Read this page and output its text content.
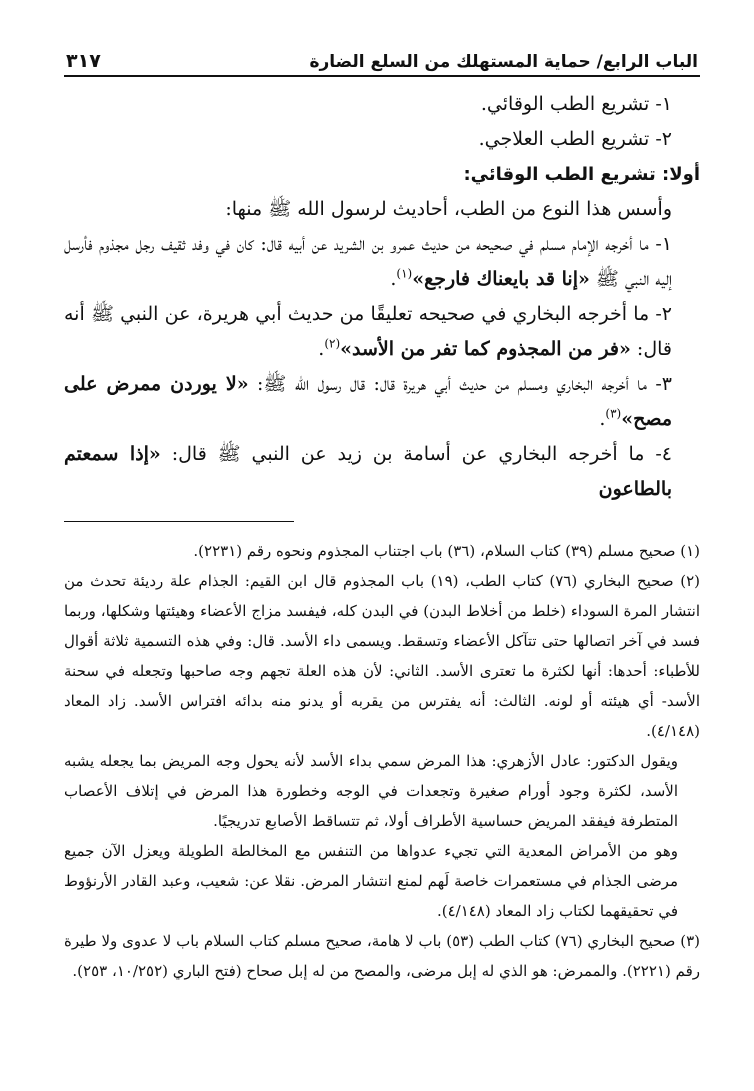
الباب الرابع/ حماية المستهلك من السلع الضارة
٣١٧

١- تشريع الطب الوقائي.

٢- تشريع الطب العلاجي.

أولا: تشريع الطب الوقائي:

وأسس هذا النوع من الطب، أحاديث لرسول الله ﷺ منها:

١- ما أخرجه الإمام مسلم في صحيحه من حديث عمرو بن الشريد عن أبيه قال: كان في وفد ثقيف رجل مجذوم فأرسل إليه النبي ﷺ «إنا قد بايعناك فارجع»$^{(١)}$.

٢- ما أخرجه البخاري في صحيحه تعليقًا من حديث أبي هريرة، عن النبي ﷺ أنه قال: «فر من المجذوم كما تفر من الأسد»$^{(٢)}$.

٣- ما أخرجه البخاري ومسلم من حديث أبي هريرة قال: قال رسول الله ﷺ: «لا يوردن ممرض على مصح»$^{(٣)}$.

٤- ما أخرجه البخاري عن أسامة بن زيد عن النبي ﷺ قال: «إذا سمعتم بالطاعون

(١) صحيح مسلم (٣٩) كتاب السلام، (٣٦) باب اجتناب المجذوم ونحوه رقم (٢٢٣١).

(٢) صحيح البخاري (٧٦) كتاب الطب، (١٩) باب المجذوم قال ابن القيم: الجذام علة رديئة تحدث من انتشار المرة السوداء (خلط من أخلاط البدن) في البدن كله، فيفسد مزاج الأعضاء وهيئتها وشكلها، وربما فسد في آخر اتصالها حتى تتآكل الأعضاء وتسقط. ويسمى داء الأسد. قال: وفي هذه التسمية ثلاثة أقوال للأطباء: أحدها: أنها لكثرة ما تعترى الأسد. الثاني: لأن هذه العلة تجهم وجه صاحبها وتجعله في سحنة الأسد- أي هيئته أو لونه. الثالث: أنه يفترس من يقربه أو يدنو منه بدائه افتراس الأسد. زاد المعاد (٤/١٤٨).

ويقول الدكتور: عادل الأزهري: هذا المرض سمي بداء الأسد لأنه يحول وجه المريض بما يجعله يشبه الأسد، لكثرة وجود أورام صغيرة وتجعدات في الوجه وخطورة هذا المرض في إتلاف الأعصاب المتطرفة فيفقد المريض حساسية الأطراف أولا، ثم تتساقط الأصابع تدريجيًا.

وهو من الأمراض المعدية التي تجيء عدواها من التنفس مع المخالطة الطويلة ويعزل الآن جميع مرضى الجذام في مستعمرات خاصة لَهم لمنع انتشار المرض. نقلا عن: شعيب، وعبد القادر الأرنؤوط في تحقيقهما لكتاب زاد المعاد (٤/١٤٨).

(٣) صحيح البخاري (٧٦) كتاب الطب (٥٣) باب لا هامة، صحيح مسلم كتاب السلام باب لا عدوى ولا طيرة رقم (٢٢٢١). والممرض: هو الذي له إبل مرضى، والمصح من له إبل صحاح (فتح الباري (١٠/٢٥٢، ٢٥٣).
